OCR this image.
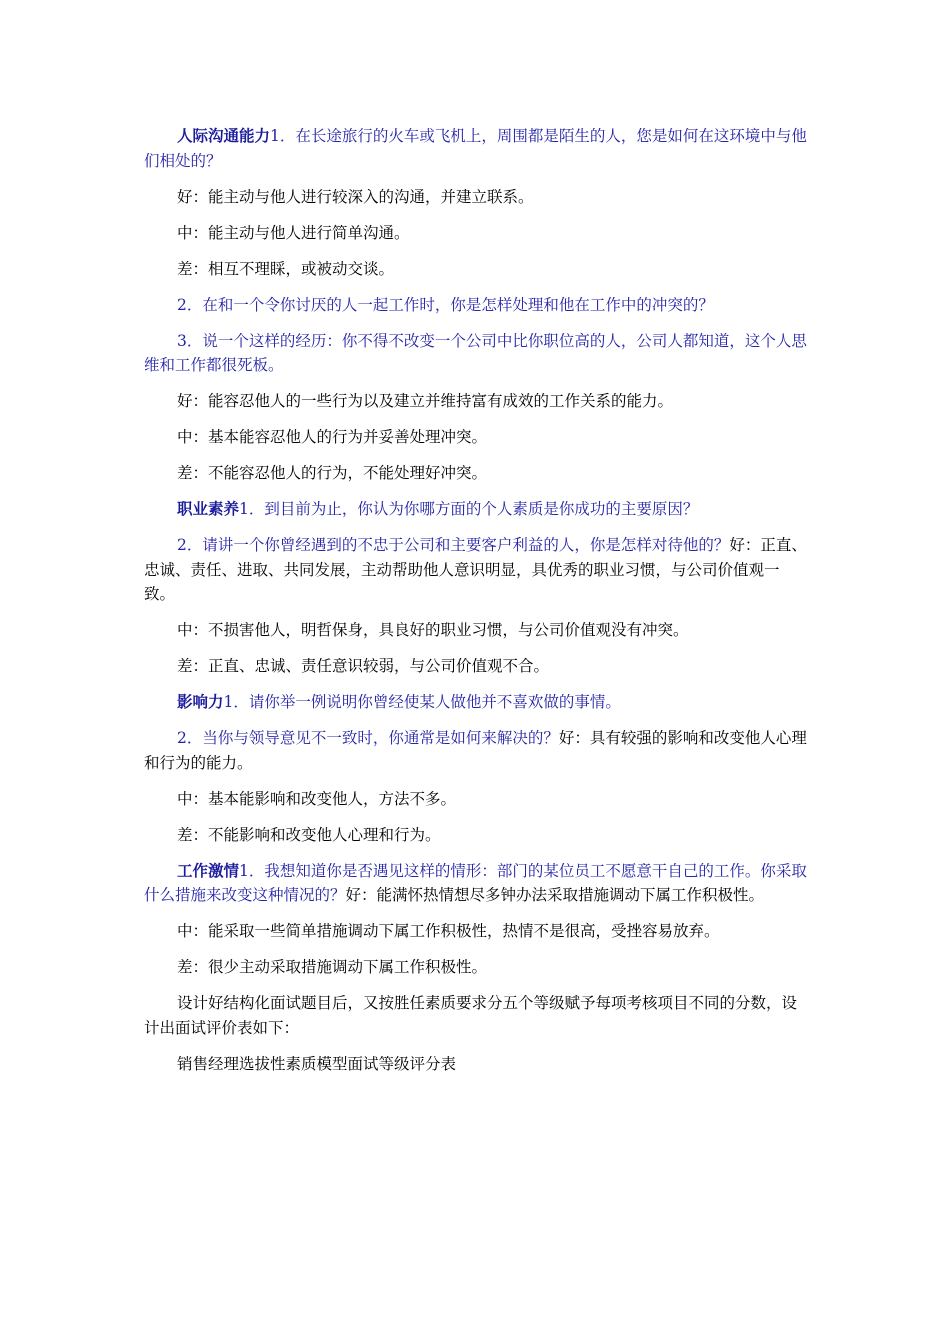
人际沟通能力1．在长途旅行的火车或飞机上，周围都是陌生的人，您是如何在这环境中与他们相处的？

好：能主动与他人进行较深入的沟通，并建立联系。

中：能主动与他人进行简单沟通。

差：相互不理睬，或被动交谈。

2．在和一个令你讨厌的人一起工作时，你是怎样处理和他在工作中的冲突的？

3．说一个这样的经历：你不得不改变一个公司中比你职位高的人，公司人都知道，这个人思维和工作都很死板。

好：能容忍他人的一些行为以及建立并维持富有成效的工作关系的能力。

中：基本能容忍他人的行为并妥善处理冲突。

差：不能容忍他人的行为，不能处理好冲突。

职业素养1．到目前为止，你认为你哪方面的个人素质是你成功的主要原因？

2．请讲一个你曾经遇到的不忠于公司和主要客户利益的人，你是怎样对待他的？好：正直、忠诚、责任、进取、共同发展，主动帮助他人意识明显，具优秀的职业习惯，与公司价值观一致。

中：不损害他人，明哲保身，具良好的职业习惯，与公司价值观没有冲突。

差：正直、忠诚、责任意识较弱，与公司价值观不合。

影响力1．请你举一例说明你曾经使某人做他并不喜欢做的事情。

2．当你与领导意见不一致时，你通常是如何来解决的？好：具有较强的影响和改变他人心理和行为的能力。

中：基本能影响和改变他人，方法不多。

差：不能影响和改变他人心理和行为。

工作激情1．我想知道你是否遇见这样的情形：部门的某位员工不愿意干自己的工作。你采取什么措施来改变这种情况的？好：能满怀热情想尽多钟办法采取措施调动下属工作积极性。

中：能采取一些简单措施调动下属工作积极性，热情不是很高，受挫容易放弃。

差：很少主动采取措施调动下属工作积极性。

设计好结构化面试题目后，又按胜任素质要求分五个等级赋予每项考核项目不同的分数，设计出面试评价表如下：

销售经理选拔性素质模型面试等级评分表
